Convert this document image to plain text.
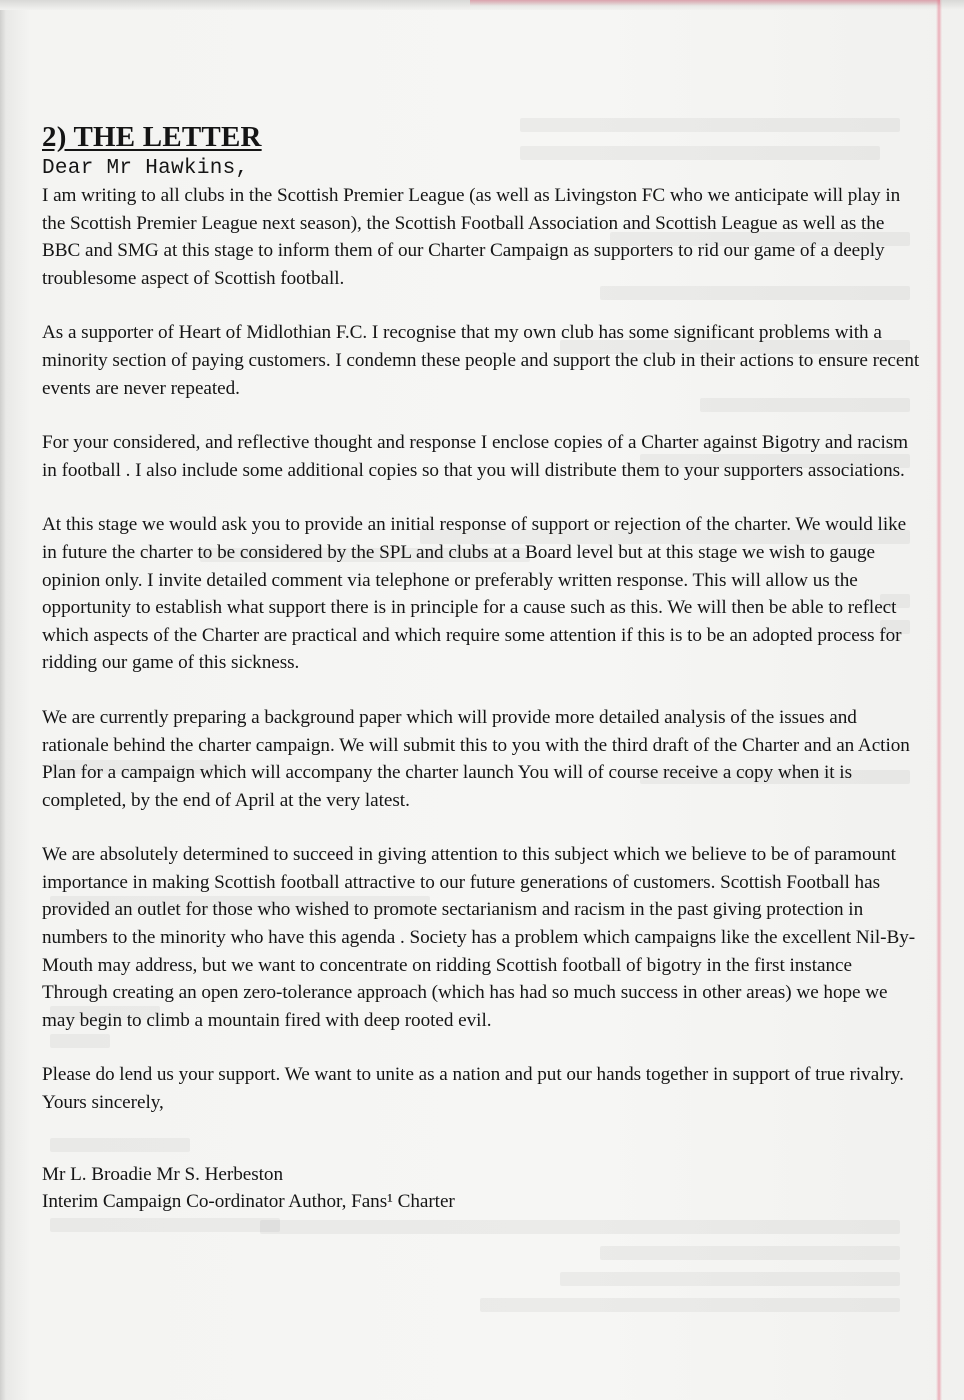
2) THE LETTER

Dear Mr Hawkins,

I am writing to all clubs in the Scottish Premier League (as well as Livingston FC who we anticipate will play in the Scottish Premier League next season), the Scottish Football Association and Scottish League as well as the BBC and SMG at this stage to inform them of our Charter Campaign as supporters to rid our game of a deeply troublesome aspect of Scottish football.

As a supporter of Heart of Midlothian F.C. I recognise that my own club has some significant problems with a minority section of paying customers. I condemn these people and support the club in their actions to ensure recent events are never repeated.

For your considered, and reflective thought and response I enclose copies of a Charter against Bigotry and racism in football . I also include some additional copies so that you will distribute them to your supporters associations.

At this stage we would ask you to provide an initial response of support or rejection of the charter. We would like in future the charter to be considered by the SPL and clubs at a Board level but at this stage we wish to gauge opinion only. I invite detailed comment via telephone or preferably written response. This will allow us the opportunity to establish what support there is in principle for a cause such as this. We will then be able to reflect which aspects of the Charter are practical and which require some attention if this is to be an adopted process for ridding our game of this sickness.

We are currently preparing a background paper which will provide more detailed analysis of the issues and rationale behind the charter campaign. We will submit this to you with the third draft of the Charter and an Action Plan for a campaign which will accompany the charter launch You will of course receive a copy when it is completed, by the end of April at the very latest.

We are absolutely determined to succeed in giving attention to this subject which we believe to be of paramount importance in making Scottish football attractive to our future generations of customers. Scottish Football has provided an outlet for those who wished to promote sectarianism and racism in the past giving protection in numbers to the minority who have this agenda . Society has a problem which campaigns like the excellent Nil-By-Mouth may address, but we want to concentrate on ridding Scottish football of bigotry in the first instance Through creating an open zero-tolerance approach (which has had so much success in other areas) we hope we may begin to climb a mountain fired with deep rooted evil.

Please do lend us your support. We want to unite as a nation and put our hands together in support of true rivalry.

Yours sincerely,

Mr L. Broadie Mr S. Herbeston

Interim Campaign Co-ordinator Author, Fans¹ Charter
